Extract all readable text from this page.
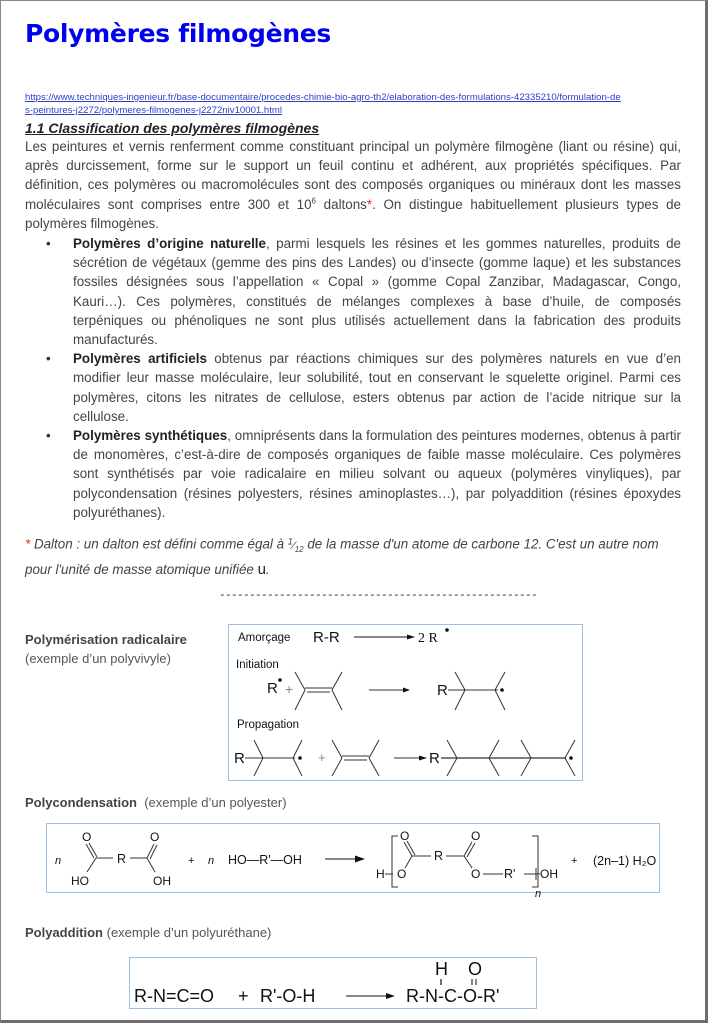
Polymères filmogènes
https://www.techniques-ingenieur.fr/base-documentaire/procedes-chimie-bio-agro-th2/elaboration-des-formulations-42335210/formulation-des-peintures-j2272/polymeres-filmogenes-j2272niv10001.html
1.1 Classification des polymères filmogènes

Les peintures et vernis renferment comme constituant principal un polymère filmogène (liant ou résine) qui, après durcissement, forme sur le support un feuil continu et adhérent, aux propriétés spécifiques. Par définition, ces polymères ou macromolécules sont des composés organiques ou minéraux dont les masses moléculaires sont comprises entre 300 et $10^6$ daltons*. On distingue habituellement plusieurs types de polymères filmogènes.

• Polymères d’origine naturelle, parmi lesquels les résines et les gommes naturelles, produits de sécrétion de végétaux (gemme des pins des Landes) ou d’insecte (gomme laque) et les substances fossiles désignées sous l’appellation « Copal » (gomme Copal Zanzibar, Madagascar, Congo, Kauri…). Ces polymères, constitués de mélanges complexes à base d’huile, de composés terpéniques ou phénoliques ne sont plus utilisés actuellement dans la fabrication des produits manufacturés.
• Polymères artificiels obtenus par réactions chimiques sur des polymères naturels en vue d’en modifier leur masse moléculaire, leur solubilité, tout en conservant le squelette originel. Parmi ces polymères, citons les nitrates de cellulose, esters obtenus par action de l’acide nitrique sur la cellulose.
• Polymères synthétiques, omniprésents dans la formulation des peintures modernes, obtenus à partir de monomères, c’est-à-dire de composés organiques de faible masse moléculaire. Ces polymères sont synthétisés par voie radicalaire en milieu solvant ou aqueux (polymères vinyliques), par polycondensation (résines polyesters, résines aminoplastes…), par polyaddition (résines époxydes polyuréthanes).

* Dalton : un dalton est défini comme égal à $^1⁄_{12}$ de la masse d'un atome de carbone 12. C'est un autre nom pour l'unité de masse atomique unifiée u.

-----------------------------------------------------
Polymérisation radicalaire
(exemple d’un polyvivyle)
Amorçage R-R	2 R
Initiation
R +	R
Propagation
R	+	R
Polycondensation  (exemple d’un polyester)
n
O
HO
R
O
OH
+ n HO—R'—OH
H O
O
R
O
O R' OH
n
+ (2n–1) H₂O
Polyaddition (exemple d’un polyuréthane)
R-N=C=O + R'-O-H	R-N-C-O-R'
H O
